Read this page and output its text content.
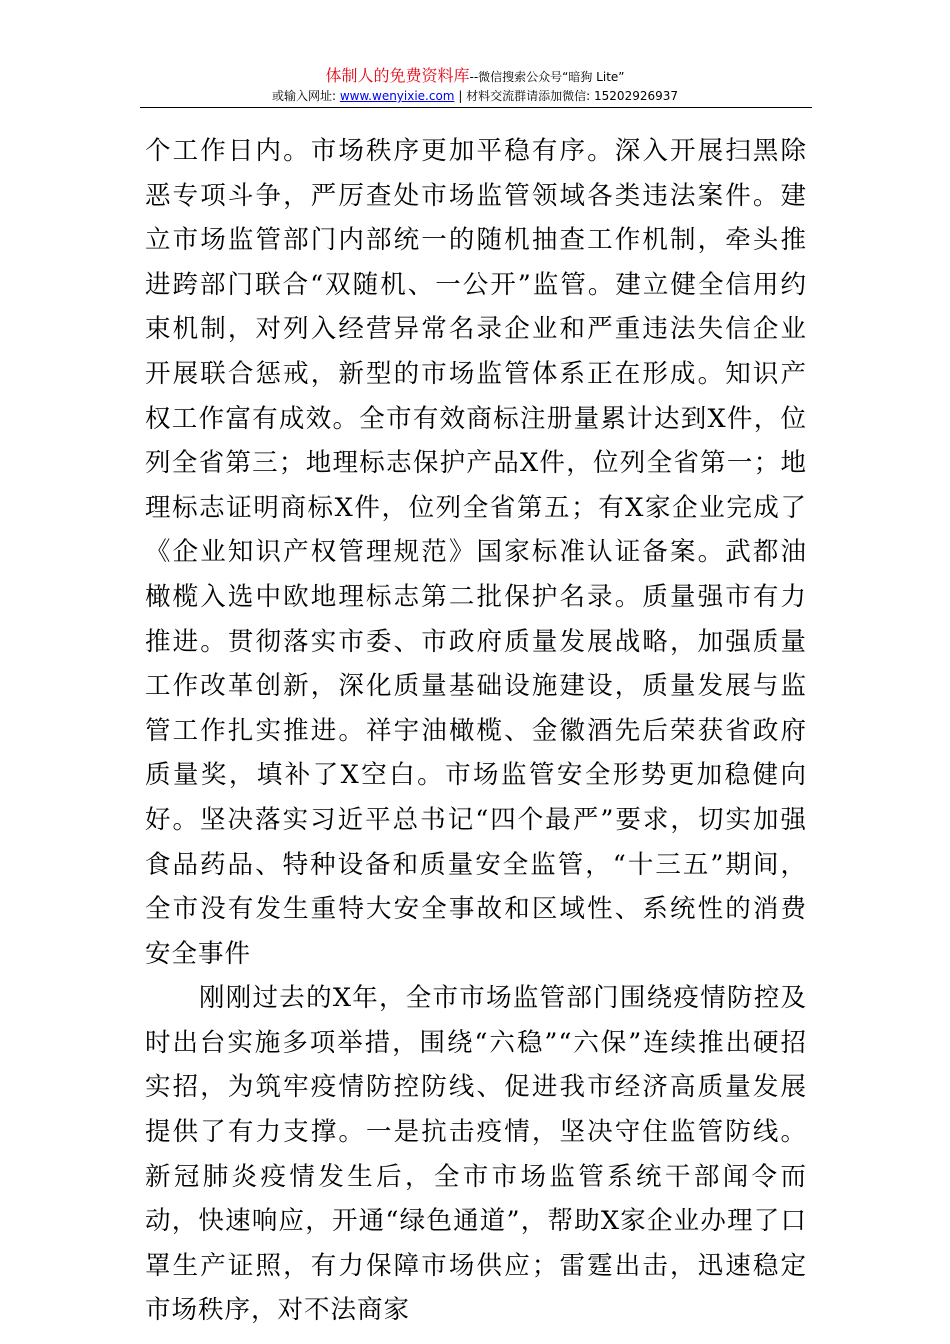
体制人的免费资料库--微信搜索公众号“暗狗 Lite”
或输入网址: www.wenyixie.com | 材料交流群请添加微信: 15202926937

个工作日内。市场秩序更加平稳有序。深入开展扫黑除恶专项斗争，严厉查处市场监管领域各类违法案件。建立市场监管部门内部统一的随机抽查工作机制，牵头推进跨部门联合“双随机、一公开”监管。建立健全信用约束机制，对列入经营异常名录企业和严重违法失信企业开展联合惩戒，新型的市场监管体系正在形成。知识产权工作富有成效。全市有效商标注册量累计达到X件，位列全省第三；地理标志保护产品X件，位列全省第一；地理标志证明商标X件，位列全省第五；有X家企业完成了《企业知识产权管理规范》国家标准认证备案。武都油橄榄入选中欧地理标志第二批保护名录。质量强市有力推进。贯彻落实市委、市政府质量发展战略，加强质量工作改革创新，深化质量基础设施建设，质量发展与监管工作扎实推进。祥宇油橄榄、金徽酒先后荣获省政府质量奖，填补了X空白。市场监管安全形势更加稳健向好。坚决落实习近平总书记“四个最严”要求，切实加强食品药品、特种设备和质量安全监管，“十三五”期间，全市没有发生重特大安全事故和区域性、系统性的消费安全事件

刚刚过去的X年，全市市场监管部门围绕疫情防控及时出台实施多项举措，围绕“六稳”“六保”连续推出硬招实招，为筑牢疫情防控防线、促进我市经济高质量发展提供了有力支撑。一是抗击疫情，坚决守住监管防线。新冠肺炎疫情发生后，全市市场监管系统干部闻令而动，快速响应，开通“绿色通道”，帮助X家企业办理了口罩生产证照，有力保障市场供应；雷霆出击，迅速稳定市场秩序，对不法商家
